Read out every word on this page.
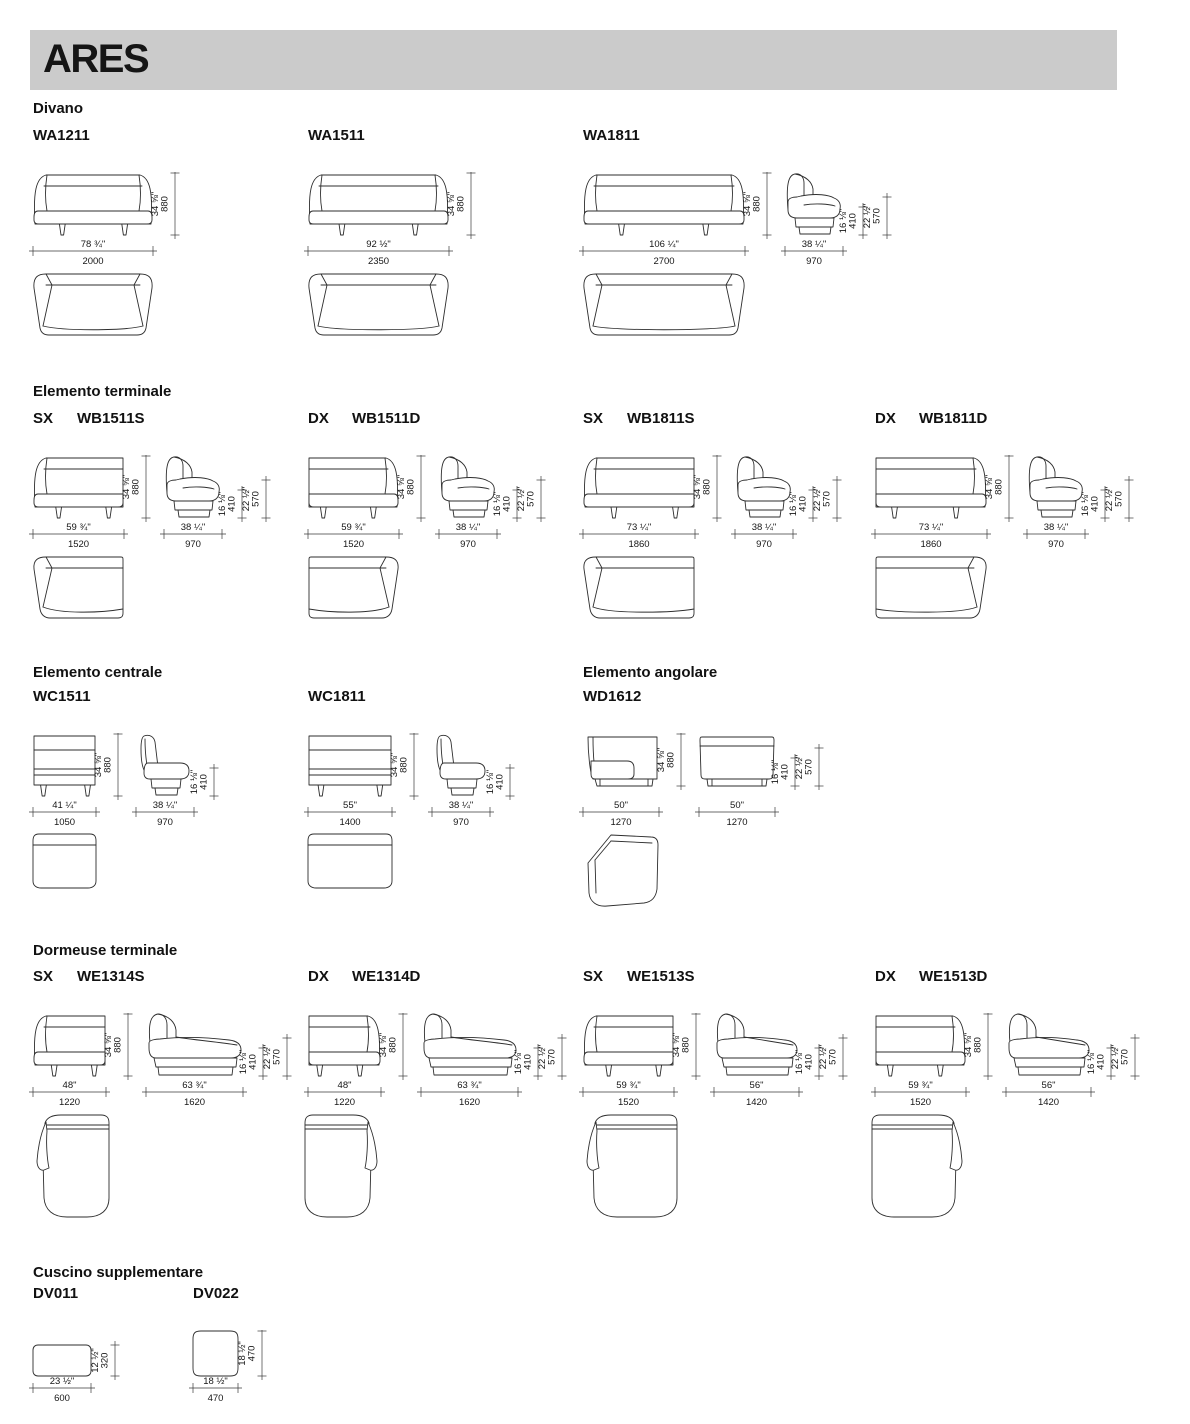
ARES
Divano
Elemento terminale
Elemento centrale	Elemento angolare
Dormeuse terminale
Cuscino supplementare
WA1211
34 ⅝"
880
78 ¾"
2000
WA1511
34 ⅝"
880
92 ½"
2350
WA1811
34 ⅝"
880
106 ¼"
2700
38 ¼"
970
16 ⅛"
410 22 ½"
570
SX WB1511S
34 ⅝"
880
59 ¾"
1520
38 ¼"
970
16 ⅛"
410 22 ½"
570
DX WB1511D
34 ⅝"
880
59 ¾"
1520
38 ¼"
970
16 ⅛"
410 22 ½"
570
SX WB1811S
34 ⅝"
880
73 ¼"
1860
38 ¼"
970
16 ⅛"
410 22 ½"
570
DX WB1811D
34 ⅝"
880
73 ¼"
1860
38 ¼"
970
16 ⅛"
410 22 ½"
570
WC1511
34 ⅝"
880
41 ¼"
1050
38 ¼"
970
16 ⅛"
410
WC1811
34 ⅝"
880
55"
1400
38 ¼"
970
16 ⅛"
410
WD1612
34 ⅝"
880
50"
1270
50"
1270
16 ⅛"
410 22 ½"
570
SX WE1314S
34 ⅝"
880
48"
1220
63 ¾"
1620
16 ⅛"
410 22 ½"
570
DX WE1314D
34 ⅝"
880
48"
1220
63 ¾"
1620
16 ⅛"
410 22 ½"
570
SX WE1513S
34 ⅝"
880
59 ¾"
1520
56"
1420
16 ⅛"
410 22 ½"
570
DX WE1513D
34 ⅝"
880
59 ¾"
1520
56"
1420
16 ⅛"
410 22 ½"
570
DV011
12 ½"
320
23 ½"
600
DV022
18 ½"
470
18 ½"
470
